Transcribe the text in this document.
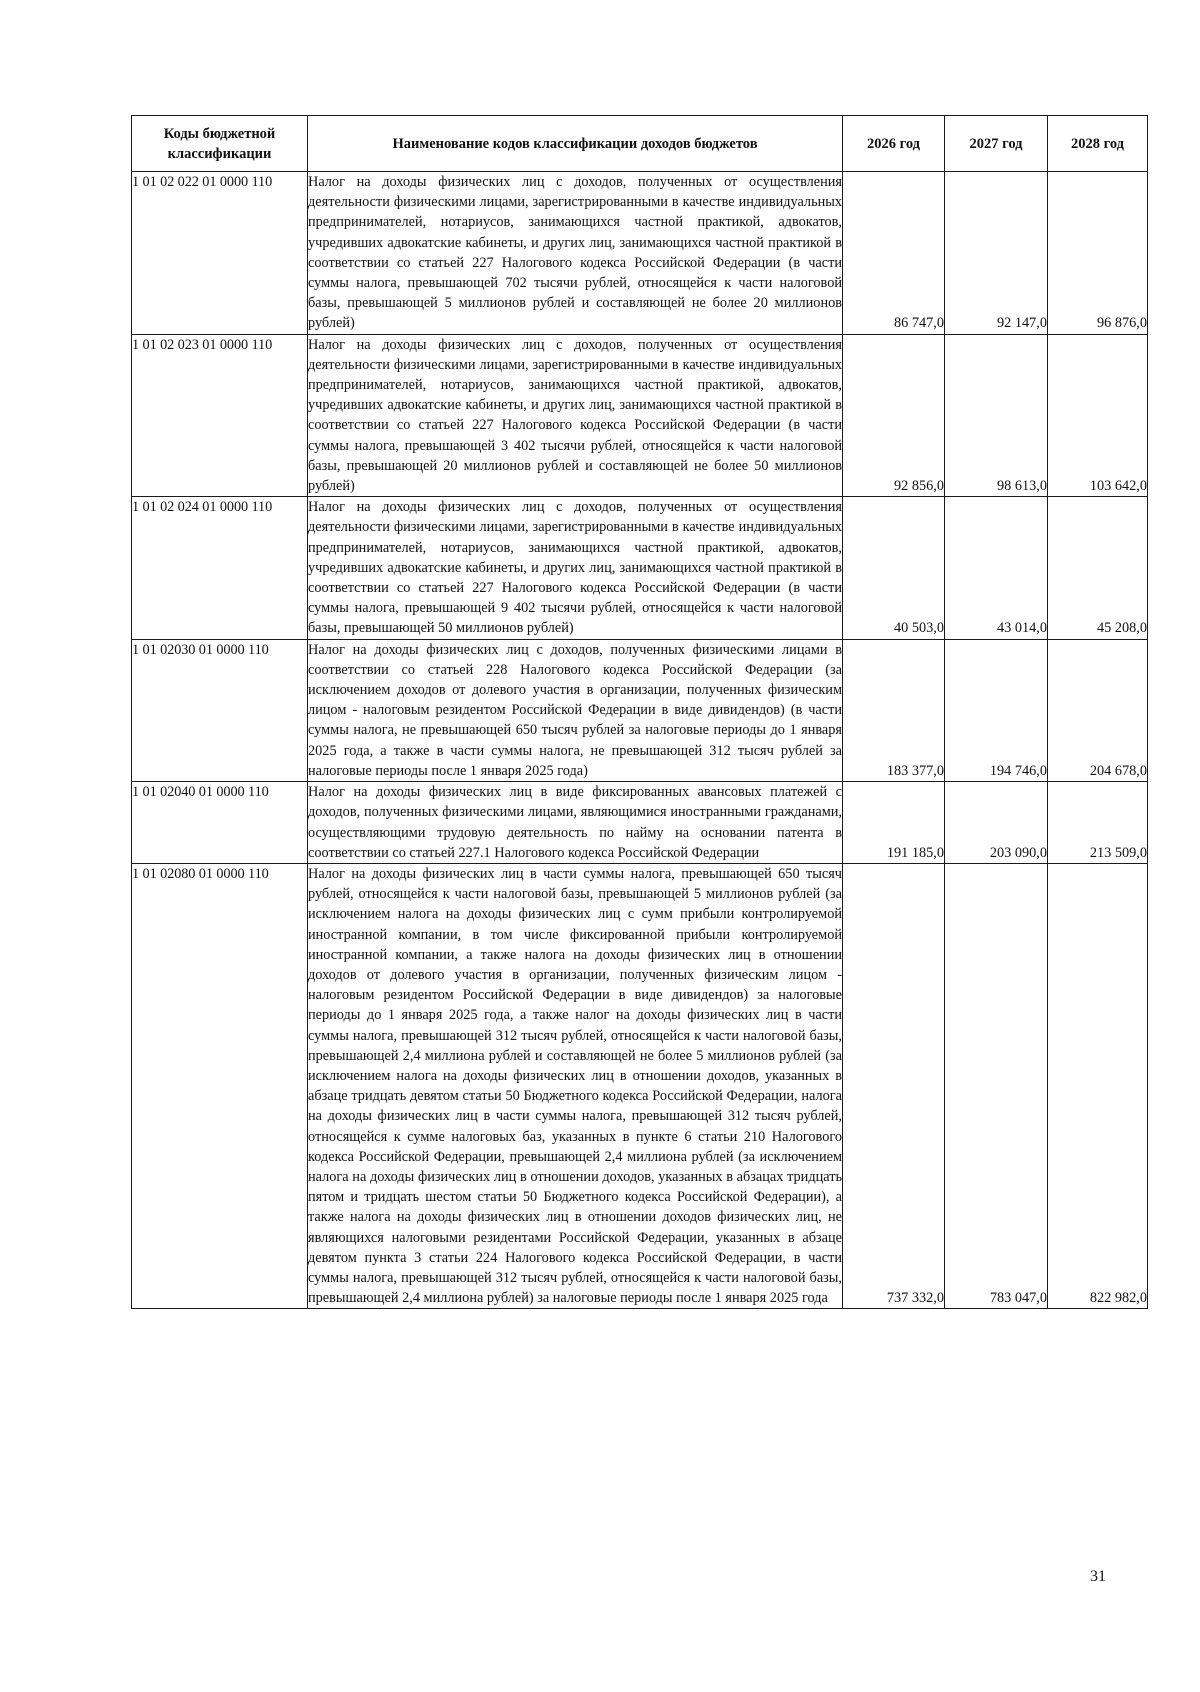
Коды бюджетной классификации	Наименование кодов классификации доходов бюджетов	2026 год	2027 год	2028 год
1 01 02 022 01 0000 110	Налог на доходы физических лиц с доходов, полученных от осуществления деятельности физическими лицами, зарегистрированными в качестве индивидуальных предпринимателей, нотариусов, занимающихся частной практикой, адвокатов, учредивших адвокатские кабинеты, и других лиц, занимающихся частной практикой в соответствии со статьей 227 Налогового кодекса Российской Федерации (в части суммы налога, превышающей 702 тысячи рублей, относящейся к части налоговой базы, превышающей 5 миллионов рублей и составляющей не более 20 миллионов рублей)	86 747,0	92 147,0	96 876,0
1 01 02 023 01 0000 110	Налог на доходы физических лиц с доходов, полученных от осуществления деятельности физическими лицами, зарегистрированными в качестве индивидуальных предпринимателей, нотариусов, занимающихся частной практикой, адвокатов, учредивших адвокатские кабинеты, и других лиц, занимающихся частной практикой в соответствии со статьей 227 Налогового кодекса Российской Федерации (в части суммы налога, превышающей 3 402 тысячи рублей, относящейся к части налоговой базы, превышающей 20 миллионов рублей и составляющей не более 50 миллионов рублей)	92 856,0	98 613,0	103 642,0
1 01 02 024 01 0000 110	Налог на доходы физических лиц с доходов, полученных от осуществления деятельности физическими лицами, зарегистрированными в качестве индивидуальных предпринимателей, нотариусов, занимающихся частной практикой, адвокатов, учредивших адвокатские кабинеты, и других лиц, занимающихся частной практикой в соответствии со статьей 227 Налогового кодекса Российской Федерации (в части суммы налога, превышающей 9 402 тысячи рублей, относящейся к части налоговой базы, превышающей 50 миллионов рублей)	40 503,0	43 014,0	45 208,0
1 01 02030 01 0000 110	Налог на доходы физических лиц с доходов, полученных физическими лицами в соответствии со статьей 228 Налогового кодекса Российской Федерации (за исключением доходов от долевого участия в организации, полученных физическим лицом - налоговым резидентом Российской Федерации в виде дивидендов) (в части суммы налога, не превышающей 650 тысяч рублей за налоговые периоды до 1 января 2025 года, а также в части суммы налога, не превышающей 312 тысяч рублей за налоговые периоды после 1 января 2025 года)	183 377,0	194 746,0	204 678,0
1 01 02040 01 0000 110	Налог на доходы физических лиц в виде фиксированных авансовых платежей с доходов, полученных физическими лицами, являющимися иностранными гражданами, осуществляющими трудовую деятельность по найму на основании патента в соответствии со статьей 227.1 Налогового кодекса Российской Федерации	191 185,0	203 090,0	213 509,0
1 01 02080 01 0000 110	Налог на доходы физических лиц в части суммы налога, превышающей 650 тысяч рублей, относящейся к части налоговой базы, превышающей 5 миллионов рублей (за исключением налога на доходы физических лиц с сумм прибыли контролируемой иностранной компании, в том числе фиксированной прибыли контролируемой иностранной компании, а также налога на доходы физических лиц в отношении доходов от долевого участия в организации, полученных физическим лицом - налоговым резидентом Российской Федерации в виде дивидендов) за налоговые периоды до 1 января 2025 года, а также налог на доходы физических лиц в части суммы налога, превышающей 312 тысяч рублей, относящейся к части налоговой базы, превышающей 2,4 миллиона рублей и составляющей не более 5 миллионов рублей (за исключением налога на доходы физических лиц в отношении доходов, указанных в абзаце тридцать девятом статьи 50 Бюджетного кодекса Российской Федерации, налога на доходы физических лиц в части суммы налога, превышающей 312 тысяч рублей, относящейся к сумме налоговых баз, указанных в пункте 6 статьи 210 Налогового кодекса Российской Федерации, превышающей 2,4 миллиона рублей (за исключением налога на доходы физических лиц в отношении доходов, указанных в абзацах тридцать пятом и тридцать шестом статьи 50 Бюджетного кодекса Российской Федерации), а также налога на доходы физических лиц в отношении доходов физических лиц, не являющихся налоговыми резидентами Российской Федерации, указанных в абзаце девятом пункта 3 статьи 224 Налогового кодекса Российской Федерации, в части суммы налога, превышающей 312 тысяч рублей, относящейся к части налоговой базы, превышающей 2,4 миллиона рублей) за налоговые периоды после 1 января 2025 года	737 332,0	783 047,0	822 982,0
31
